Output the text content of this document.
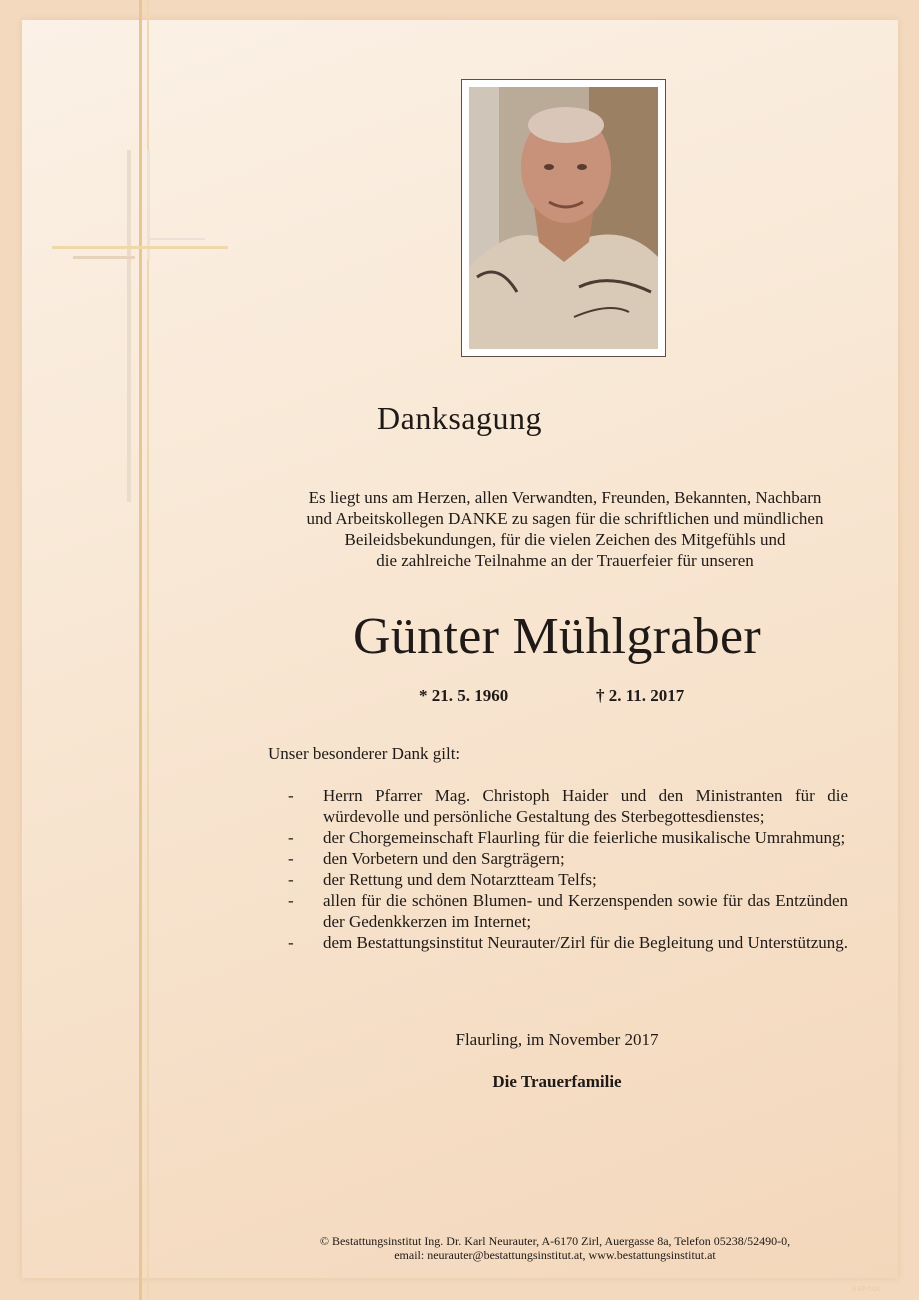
Danksagung
Es liegt uns am Herzen, allen Verwandten, Freunden, Bekannten, Nachbarn
und Arbeitskollegen DANKE zu sagen für die schriftlichen und mündlichen
Beileidsbekundungen, für die vielen Zeichen des Mitgefühls und
die zahlreiche Teilnahme an der Trauerfeier für unseren
Günter Mühlgraber
* 21. 5. 1960	† 2. 11. 2017
Unser besonderer Dank gilt:
- Herrn Pfarrer Mag. Christoph Haider und den Ministranten für die würdevolle und persönliche Gestaltung des Sterbegottesdienstes;
- der Chorgemeinschaft Flaurling für die feierliche musikalische Umrahmung;
- den Vorbetern und den Sargträgern;
- der Rettung und dem Notarztteam Telfs;
- allen für die schönen Blumen- und Kerzenspenden sowie für das Entzünden der Gedenkkerzen im Internet;
- dem Bestattungsinstitut Neurauter/Zirl für die Begleitung und Unterstützung.
Flaurling, im November 2017
Die Trauerfamilie
© Bestattungsinstitut Ing. Dr. Karl Neurauter, A-6170 Zirl, Auergasse 8a, Telefon 05238/52490-0,
email: neurauter@bestattungsinstitut.at, www.bestattungsinstitut.at
S EP 0720
